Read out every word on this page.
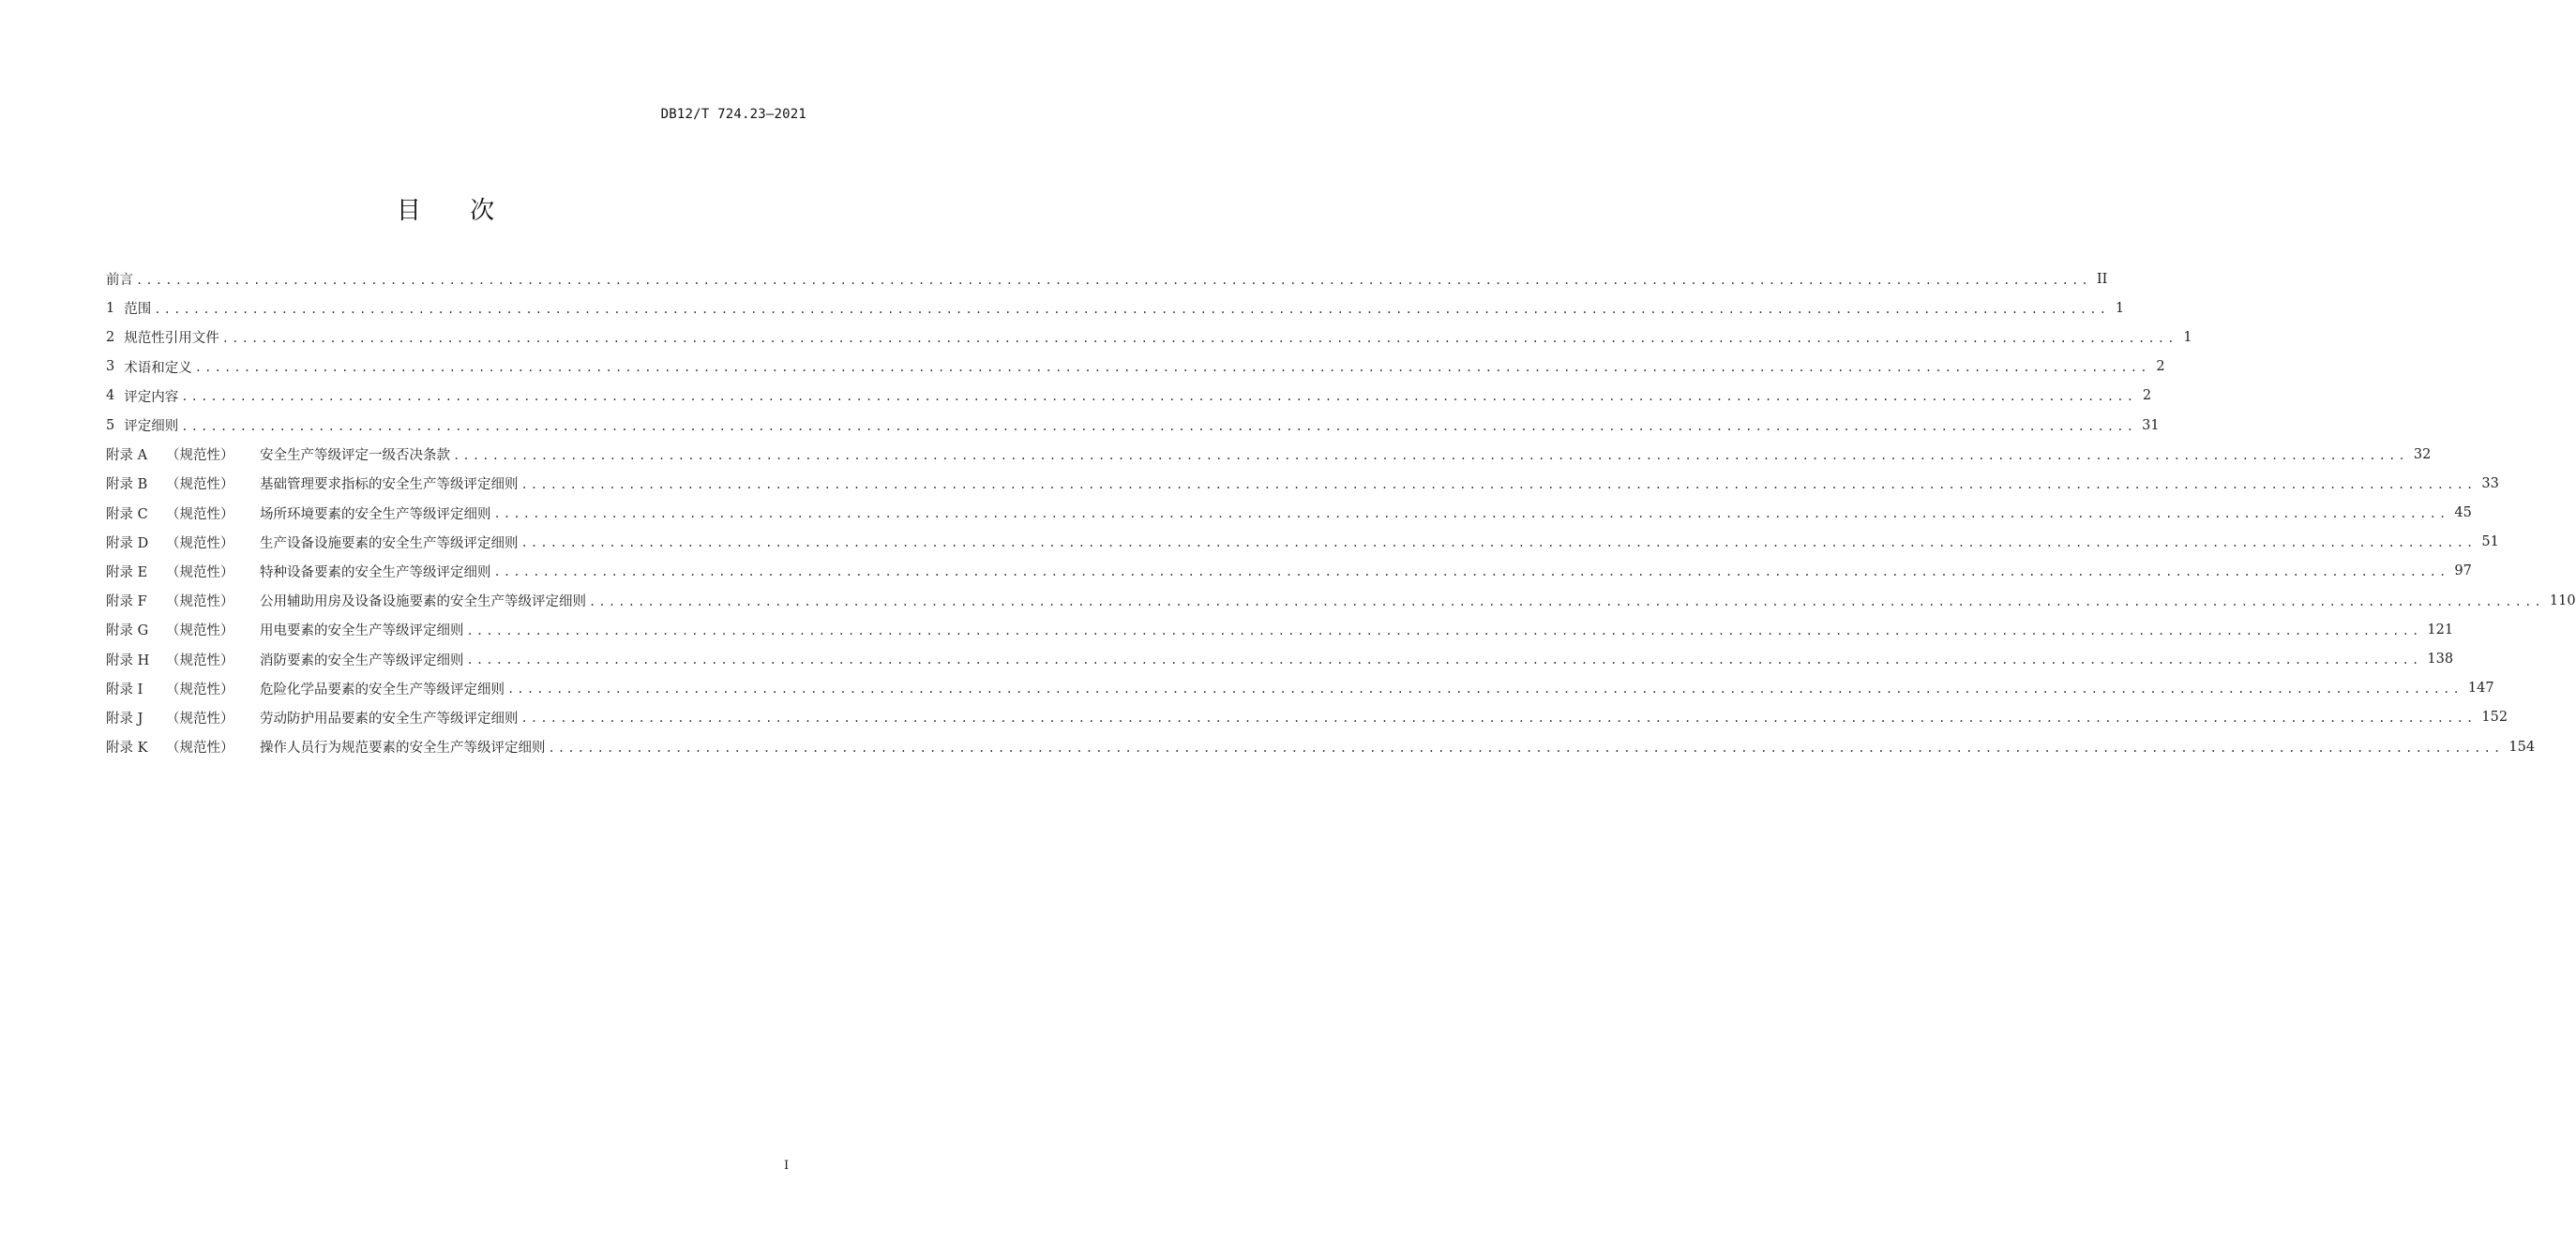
DB12/T 724.23—2021
目 次
前言 ........................................................................................................................................................................................................ II
1 范围 ........................................................................................................................................................................................................ 1
2 规范性引用文件 ........................................................................................................................................................................................................ 1
3 术语和定义 ........................................................................................................................................................................................................ 2
4 评定内容 ........................................................................................................................................................................................................ 2
5 评定细则 ........................................................................................................................................................................................................ 31
附录 A	（规范性）	安全生产等级评定一级否决条款 ........................................................................................................................................................................................................ 32
附录 B	（规范性）	基础管理要求指标的安全生产等级评定细则 ........................................................................................................................................................................................................ 33
附录 C	（规范性）	场所环境要素的安全生产等级评定细则 ........................................................................................................................................................................................................ 45
附录 D	（规范性）	生产设备设施要素的安全生产等级评定细则 ........................................................................................................................................................................................................ 51
附录 E	（规范性）	特种设备要素的安全生产等级评定细则 ........................................................................................................................................................................................................ 97
附录 F	（规范性）	公用辅助用房及设备设施要素的安全生产等级评定细则 ........................................................................................................................................................................................................ 110
附录 G	（规范性）	用电要素的安全生产等级评定细则 ........................................................................................................................................................................................................ 121
附录 H	（规范性）	消防要素的安全生产等级评定细则 ........................................................................................................................................................................................................ 138
附录 I	（规范性）	危险化学品要素的安全生产等级评定细则 ........................................................................................................................................................................................................ 147
附录 J	（规范性）	劳动防护用品要素的安全生产等级评定细则 ........................................................................................................................................................................................................ 152
附录 K	（规范性）	操作人员行为规范要素的安全生产等级评定细则 ........................................................................................................................................................................................................ 154
I
